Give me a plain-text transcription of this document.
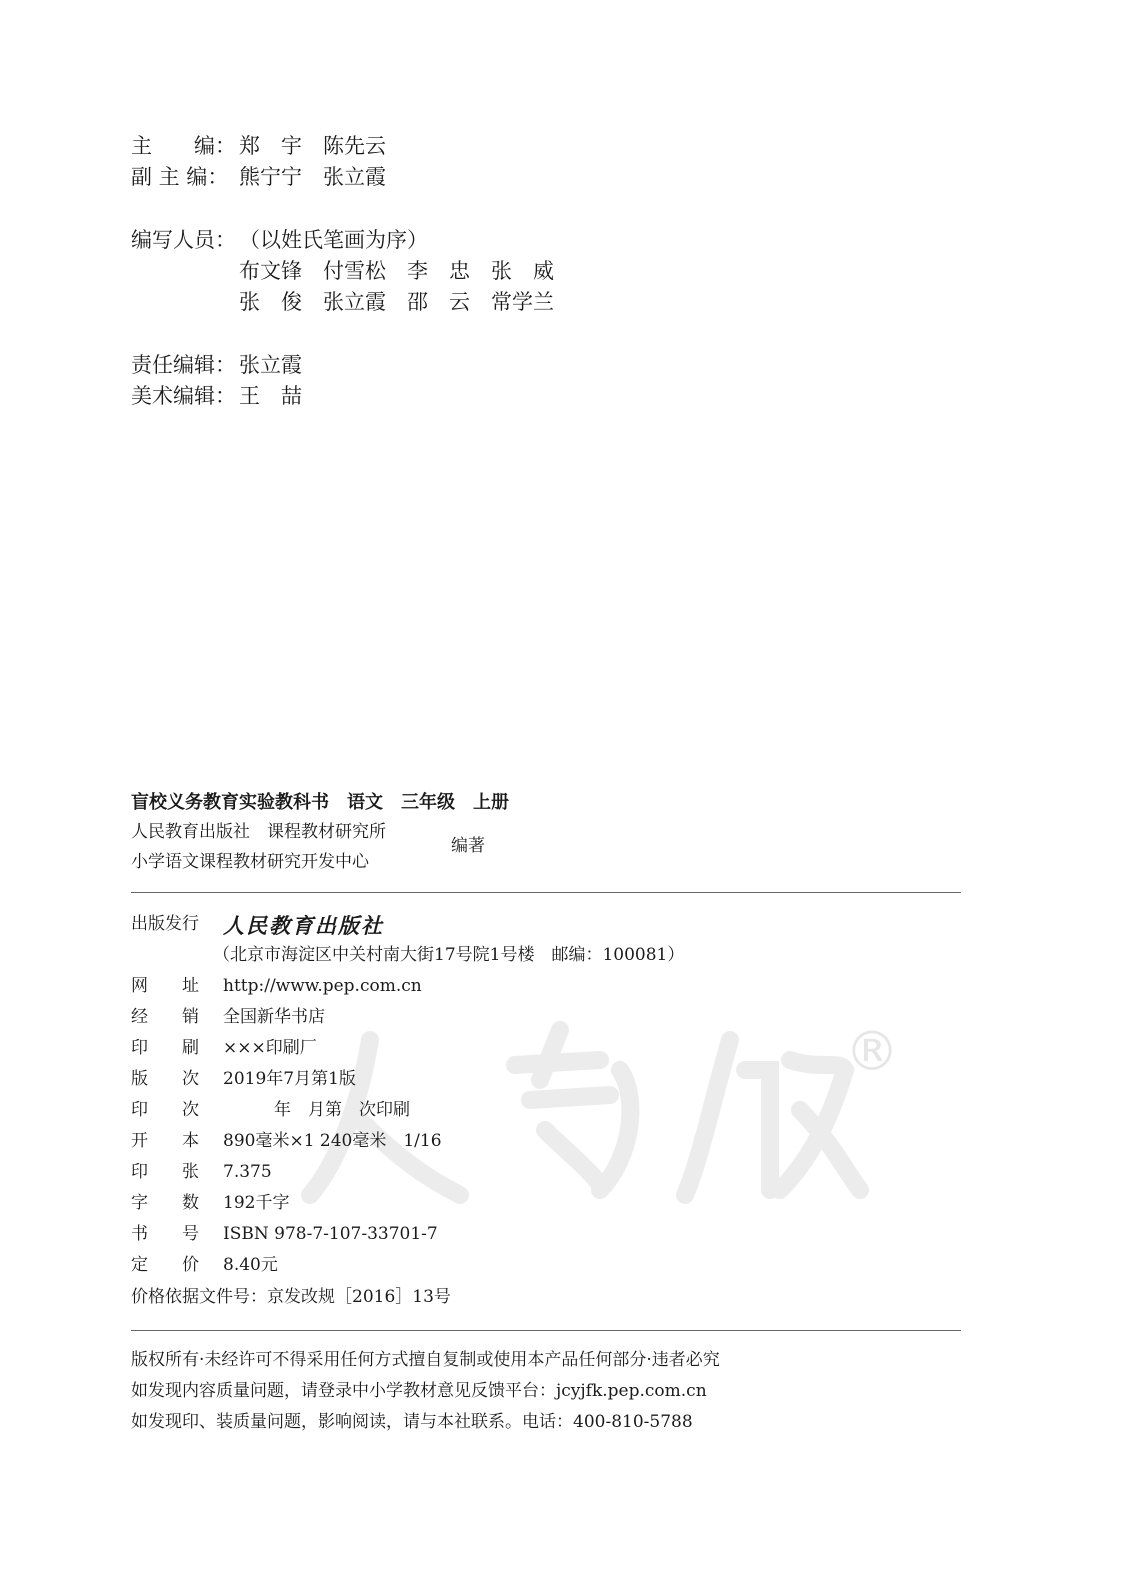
®
主　　编： 郑　宇　陈先云
副 主 编： 熊宁宁　张立霞
编写人员： （以姓氏笔画为序）
布文锋　付雪松　李　忠　张　威
张　俊　张立霞　邵　云　常学兰
责任编辑： 张立霞
美术编辑： 王　喆
盲校义务教育实验教科书　语文　三年级　上册
人民教育出版社　课程教材研究所
小学语文课程教材研究开发中心
编著
出版发行 人民教育出版社
（北京市海淀区中关村南大街17号院1号楼　邮编：100081）
网　　址 http://www.pep.com.cn
经　　销 全国新华书店
印　　刷 ×××印刷厂
版　　次 2019年7月第1版
印　　次　　　年　月第　次印刷
开　　本 890毫米×1 240毫米　1/16
印　　张 7.375
字　　数 192千字
书　　号 ISBN 978-7-107-33701-7
定　　价 8.40元
价格依据文件号：京发改规［2016］13号
版权所有·未经许可不得采用任何方式擅自复制或使用本产品任何部分·违者必究
如发现内容质量问题，请登录中小学教材意见反馈平台：jcyjfk.pep.com.cn
如发现印、装质量问题，影响阅读，请与本社联系。电话：400-810-5788
